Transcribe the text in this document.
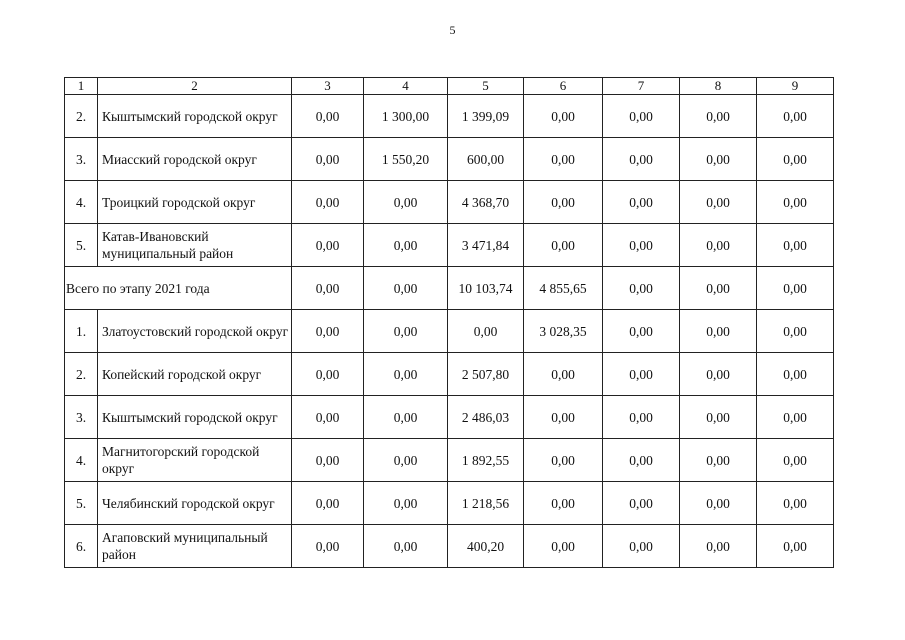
5
1	2	3	4	5	6	7	8	9
2.	Кыштымский городской округ	0,00	1 300,00	1 399,09	0,00	0,00	0,00	0,00
3.	Миасский городской округ	0,00	1 550,20	600,00	0,00	0,00	0,00	0,00
4.	Троицкий городской округ	0,00	0,00	4 368,70	0,00	0,00	0,00	0,00
5.	Катав-Ивановский муниципальный район	0,00	0,00	3 471,84	0,00	0,00	0,00	0,00
Всего по этапу 2021 года		0,00	0,00	10 103,74	4 855,65	0,00	0,00	0,00
1.	Златоустовский городской округ	0,00	0,00	0,00	3 028,35	0,00	0,00	0,00
2.	Копейский городской округ	0,00	0,00	2 507,80	0,00	0,00	0,00	0,00
3.	Кыштымский городской округ	0,00	0,00	2 486,03	0,00	0,00	0,00	0,00
4.	Магнитогорский городской округ	0,00	0,00	1 892,55	0,00	0,00	0,00	0,00
5.	Челябинский городской округ	0,00	0,00	1 218,56	0,00	0,00	0,00	0,00
6.	Агаповский муниципальный район	0,00	0,00	400,20	0,00	0,00	0,00	0,00
